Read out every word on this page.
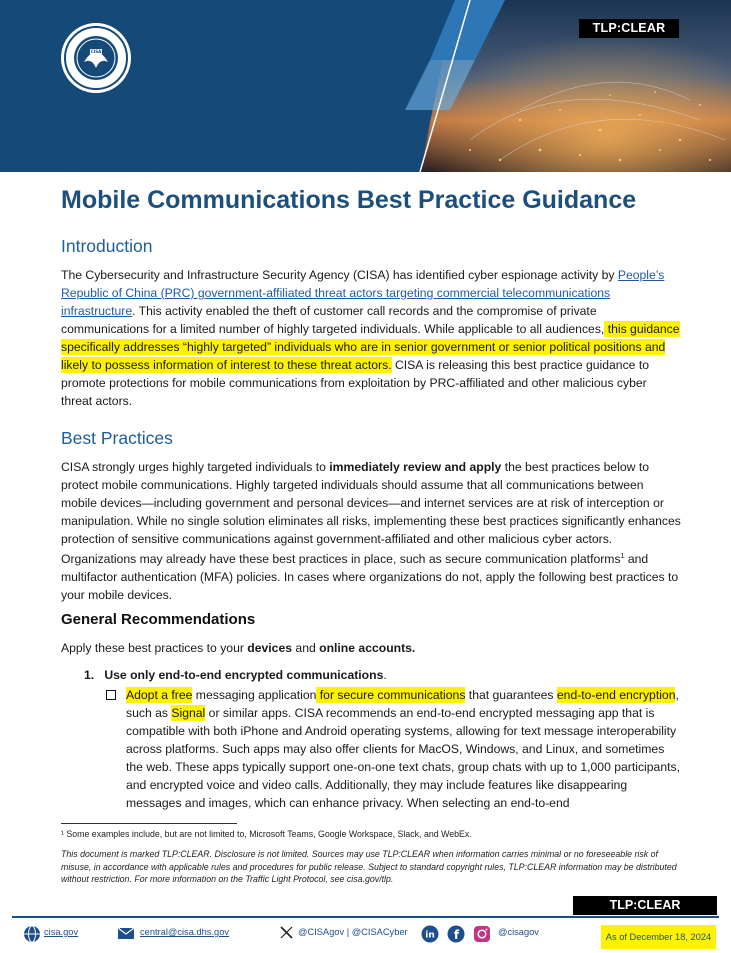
CISA
TLP:CLEAR
Mobile Communications Best Practice Guidance
Introduction
The Cybersecurity and Infrastructure Security Agency (CISA) has identified cyber espionage activity by People’s Republic of China (PRC) government-affiliated threat actors targeting commercial telecommunications infrastructure. This activity enabled the theft of customer call records and the compromise of private communications for a limited number of highly targeted individuals. While applicable to all audiences, this guidance specifically addresses “highly targeted” individuals who are in senior government or senior political positions and likely to possess information of interest to these threat actors. CISA is releasing this best practice guidance to promote protections for mobile communications from exploitation by PRC-affiliated and other malicious cyber threat actors.
Best Practices
CISA strongly urges highly targeted individuals to immediately review and apply the best practices below to protect mobile communications. Highly targeted individuals should assume that all communications between mobile devices—including government and personal devices—and internet services are at risk of interception or manipulation. While no single solution eliminates all risks, implementing these best practices significantly enhances protection of sensitive communications against government-affiliated and other malicious cyber actors. Organizations may already have these best practices in place, such as secure communication platforms$^1$ and multifactor authentication (MFA) policies. In cases where organizations do not, apply the following best practices to your mobile devices.
General Recommendations
Apply these best practices to your devices and online accounts.
1. Use only end-to-end encrypted communications.
Adopt a free messaging application for secure communications that guarantees end-to-end encryption, such as Signal or similar apps. CISA recommends an end-to-end encrypted messaging app that is compatible with both iPhone and Android operating systems, allowing for text message interoperability across platforms. Such apps may also offer clients for MacOS, Windows, and Linux, and sometimes the web. These apps typically support one-on-one text chats, group chats with up to 1,000 participants, and encrypted voice and video calls. Additionally, they may include features like disappearing messages and images, which can enhance privacy. When selecting an end-to-end
¹ Some examples include, but are not limited to, Microsoft Teams, Google Workspace, Slack, and WebEx.
This document is marked TLP:CLEAR. Disclosure is not limited. Sources may use TLP:CLEAR when information carries minimal or no foreseeable risk of misuse, in accordance with applicable rules and procedures for public release. Subject to standard copyright rules, TLP:CLEAR information may be distributed without restriction. For more information on the Traffic Light Protocol, see cisa.gov/tlp.
TLP:CLEAR
cisa.gov	central@cisa.dhs.gov	@CISAgov | @CISACyber in f	@cisagov	As of December 18, 2024
